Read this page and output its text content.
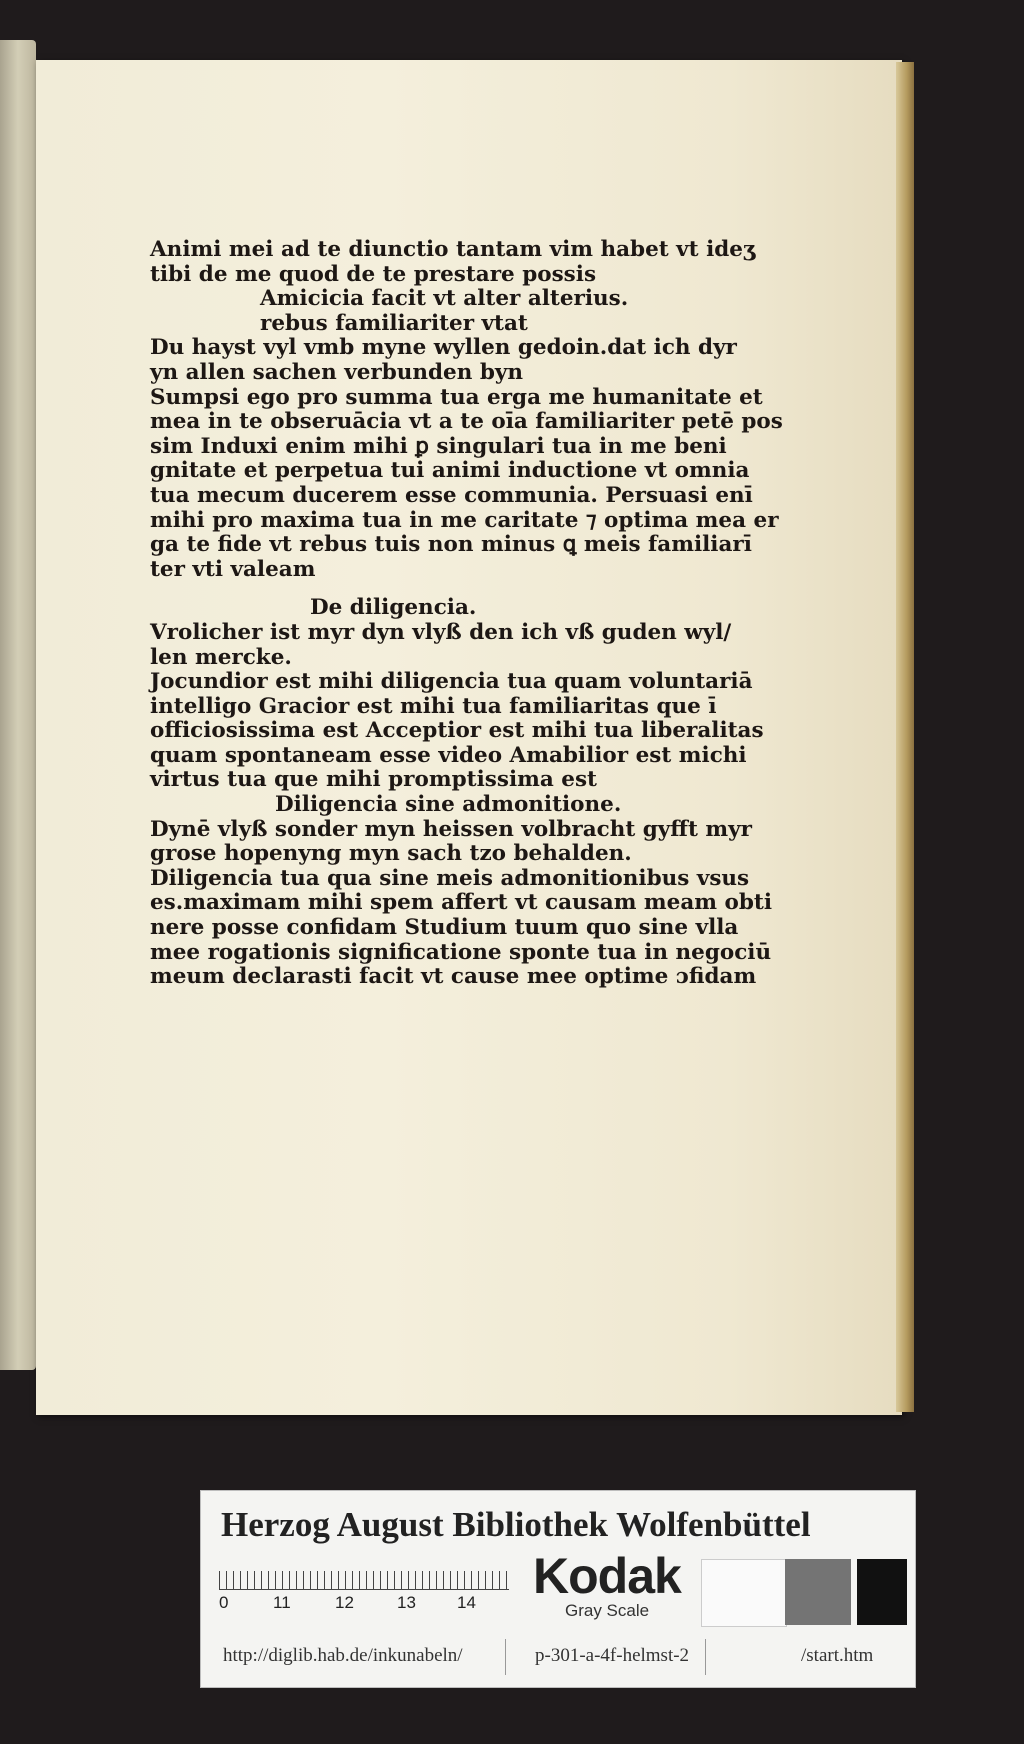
Animi mei ad te diunctio tantam vim habet vt ideʒ
tibi de me quod de te prestare possis
Amicicia facit vt alter alterius.
rebus familiariter vtat
Du hayst vyl vmb myne wyllen gedoin.dat ich dyr
yn allen sachen verbunden byn
Sumpsi ego pro summa tua erga me humanitate et
mea in te obseruācia vt a te oīa familiariter petē pos
sim Induxi enim mihi ꝑ singulari tua in me beni
gnitate et perpetua tui animi inductione vt omnia
tua mecum ducerem esse communia. Persuasi enī
mihi pro maxima tua in me caritate ⁊ optima mea er
ga te fide vt rebus tuis non minus ꝗ meis familiarī
ter vti valeam
De diligencia.
Vrolicher ist myr dyn vlyß den ich vß guden wyl/
len mercke.
Jocundior est mihi diligencia tua quam voluntariā
intelligo Gracior est mihi tua familiaritas que ī
officiosissima est Acceptior est mihi tua liberalitas
quam spontaneam esse video Amabilior est michi
virtus tua que mihi promptissima est
Diligencia sine admonitione.
Dynē vlyß sonder myn heissen volbracht gyfft myr
grose hopenyng myn sach tzo behalden.
Diligencia tua qua sine meis admonitionibus vsus
es.maximam mihi spem affert vt causam meam obti
nere posse confidam Studium tuum quo sine vlla
mee rogationis significatione sponte tua in negociū
meum declarasti facit vt cause mee optime ɔfidam
Herzog August Bibliothek Wolfenbüttel
0	11	12	13 14 Kodak
Gray Scale
http://diglib.hab.de/inkunabeln/	p-301-a-4f-helmst-2	/start.htm
